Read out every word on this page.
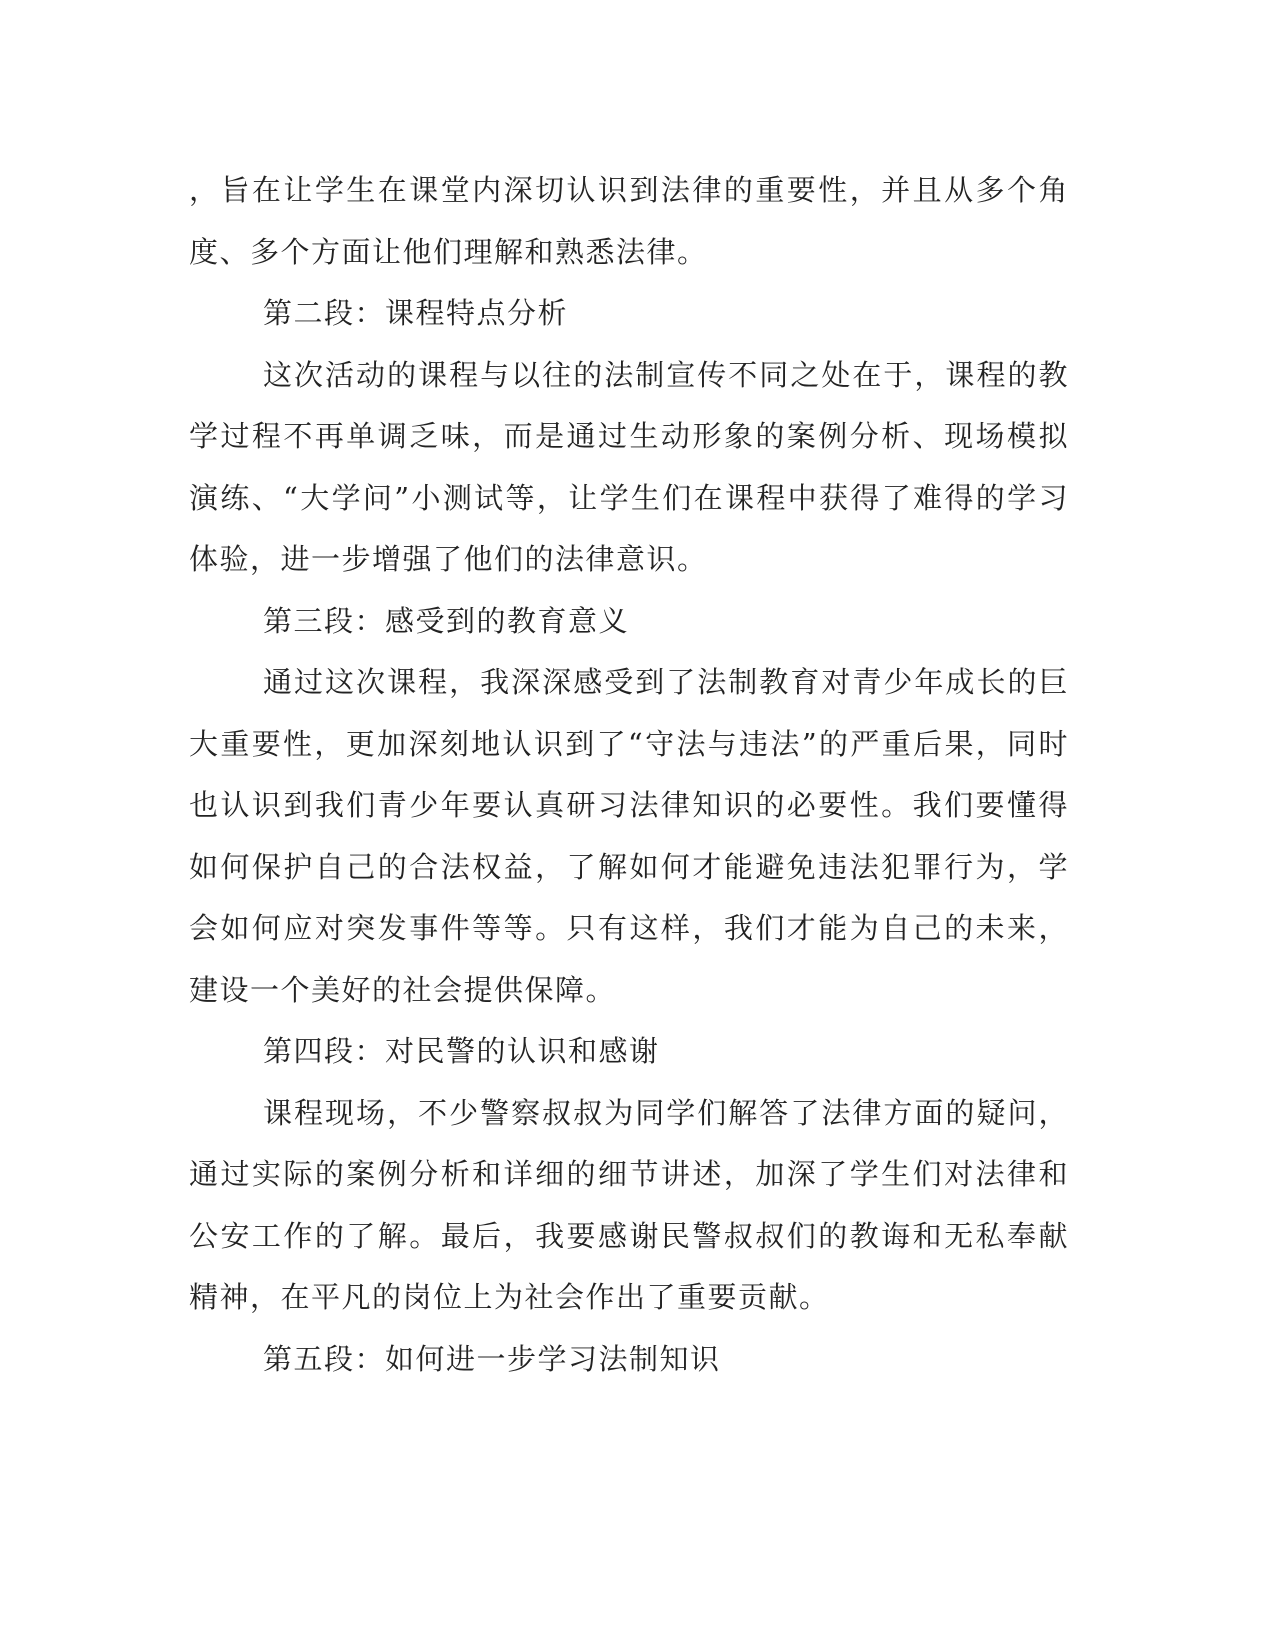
，旨在让学生在课堂内深切认识到法律的重要性，并且从多个角度、多个方面让他们理解和熟悉法律。

第二段：课程特点分析

这次活动的课程与以往的法制宣传不同之处在于，课程的教学过程不再单调乏味，而是通过生动形象的案例分析、现场模拟演练、“大学问”小测试等，让学生们在课程中获得了难得的学习体验，进一步增强了他们的法律意识。

第三段：感受到的教育意义

通过这次课程，我深深感受到了法制教育对青少年成长的巨大重要性，更加深刻地认识到了“守法与违法”的严重后果，同时也认识到我们青少年要认真研习法律知识的必要性。我们要懂得如何保护自己的合法权益，了解如何才能避免违法犯罪行为，学会如何应对突发事件等等。只有这样，我们才能为自己的未来，建设一个美好的社会提供保障。

第四段：对民警的认识和感谢

课程现场，不少警察叔叔为同学们解答了法律方面的疑问，通过实际的案例分析和详细的细节讲述，加深了学生们对法律和公安工作的了解。最后，我要感谢民警叔叔们的教诲和无私奉献精神，在平凡的岗位上为社会作出了重要贡献。

第五段：如何进一步学习法制知识
